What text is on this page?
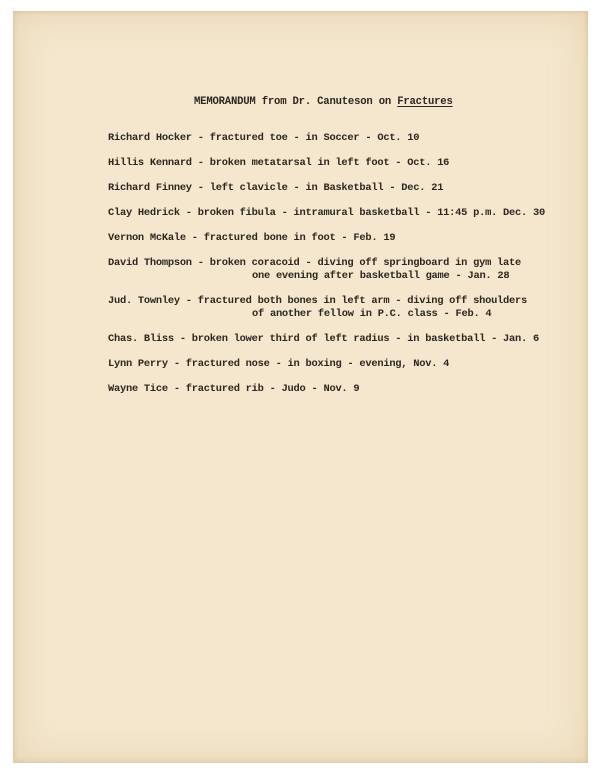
MEMORANDUM from Dr. Canuteson on Fractures
Richard Hocker - fractured toe - in Soccer - Oct. 10
Hillis Kennard - broken metatarsal in left foot - Oct. 16
Richard Finney - left clavicle - in Basketball - Dec. 21
Clay Hedrick - broken fibula - intramural basketball - 11:45 p.m. Dec. 30
Vernon McKale - fractured bone in foot - Feb. 19
David Thompson - broken coracoid - diving off springboard in gym late
one evening after basketball game - Jan. 28
Jud. Townley - fractured both bones in left arm - diving off shoulders
of another fellow in P.C. class - Feb. 4
Chas. Bliss - broken lower third of left radius - in basketball - Jan. 6
Lynn Perry - fractured nose - in boxing - evening, Nov. 4
Wayne Tice - fractured rib - Judo - Nov. 9
